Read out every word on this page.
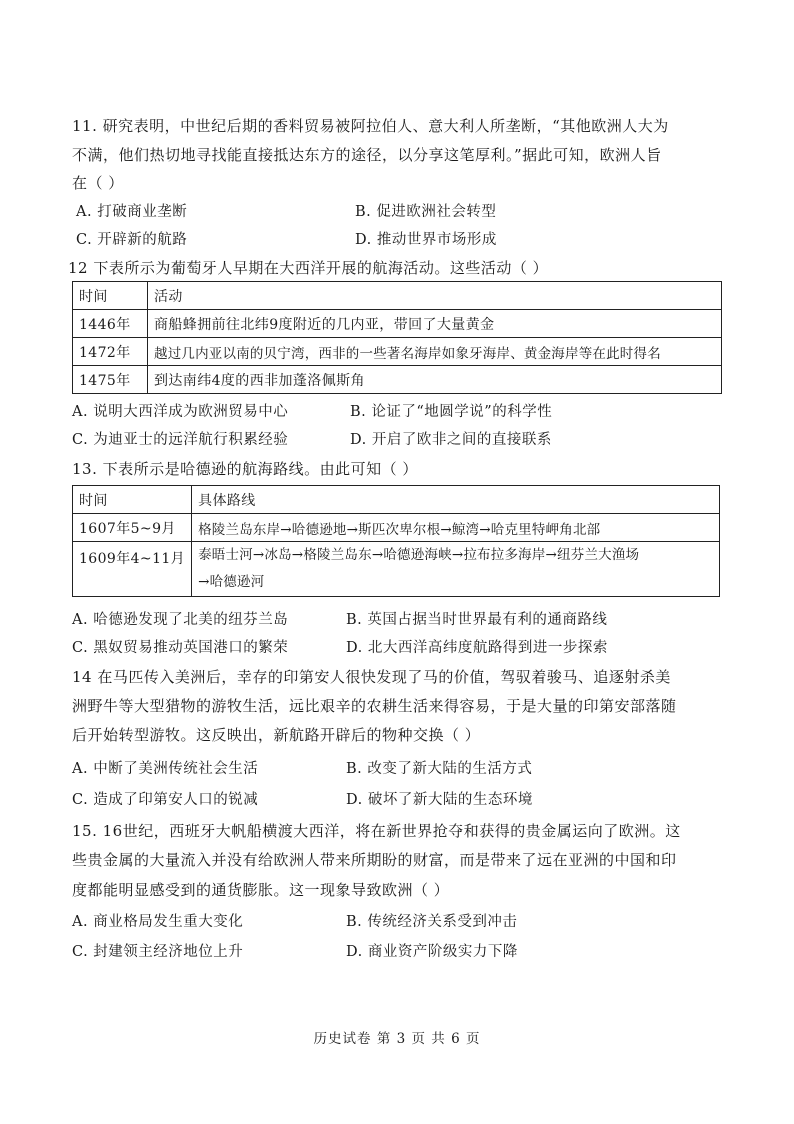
11. 研究表明，中世纪后期的香料贸易被阿拉伯人、意大利人所垄断，“其他欧洲人大为
不满，他们热切地寻找能直接抵达东方的途径，以分享这笔厚利。”据此可知，欧洲人旨
在（ ）
A. 打破商业垄断	B. 促进欧洲社会转型
C. 开辟新的航路	D. 推动世界市场形成
12 下表所示为葡萄牙人早期在大西洋开展的航海活动。这些活动（ ）
时间	活动
1446年	商船蜂拥前往北纬9度附近的几内亚，带回了大量黄金
1472年	越过几内亚以南的贝宁湾，西非的一些著名海岸如象牙海岸、黄金海岸等在此时得名
1475年	到达南纬4度的西非加蓬洛佩斯角
A. 说明大西洋成为欧洲贸易中心	B. 论证了“地圆学说”的科学性
C. 为迪亚士的远洋航行积累经验	D. 开启了欧非之间的直接联系
13. 下表所示是哈德逊的航海路线。由此可知（ ）
时间	具体路线
1607年5~9月	格陵兰岛东岸→哈德逊地→斯匹次卑尔根→鲸湾→哈克里特岬角北部
1609年4~11月	泰晤士河→冰岛→格陵兰岛东→哈德逊海峡→拉布拉多海岸→纽芬兰大渔场
→哈德逊河
A. 哈德逊发现了北美的纽芬兰岛	B. 英国占据当时世界最有利的通商路线
C. 黑奴贸易推动英国港口的繁荣	D. 北大西洋高纬度航路得到进一步探索
14 在马匹传入美洲后，幸存的印第安人很快发现了马的价值，驾驭着骏马、追逐射杀美
洲野牛等大型猎物的游牧生活，远比艰辛的农耕生活来得容易，于是大量的印第安部落随
后开始转型游牧。这反映出，新航路开辟后的物种交换（ ）
A. 中断了美洲传统社会生活	B. 改变了新大陆的生活方式
C. 造成了印第安人口的锐减	D. 破坏了新大陆的生态环境
15. 16世纪，西班牙大帆船横渡大西洋，将在新世界抢夺和获得的贵金属运向了欧洲。这
些贵金属的大量流入并没有给欧洲人带来所期盼的财富，而是带来了远在亚洲的中国和印
度都能明显感受到的通货膨胀。这一现象导致欧洲（ ）
A. 商业格局发生重大变化	B. 传统经济关系受到冲击
C. 封建领主经济地位上升	D. 商业资产阶级实力下降
历史试卷 第 3 页 共 6 页
